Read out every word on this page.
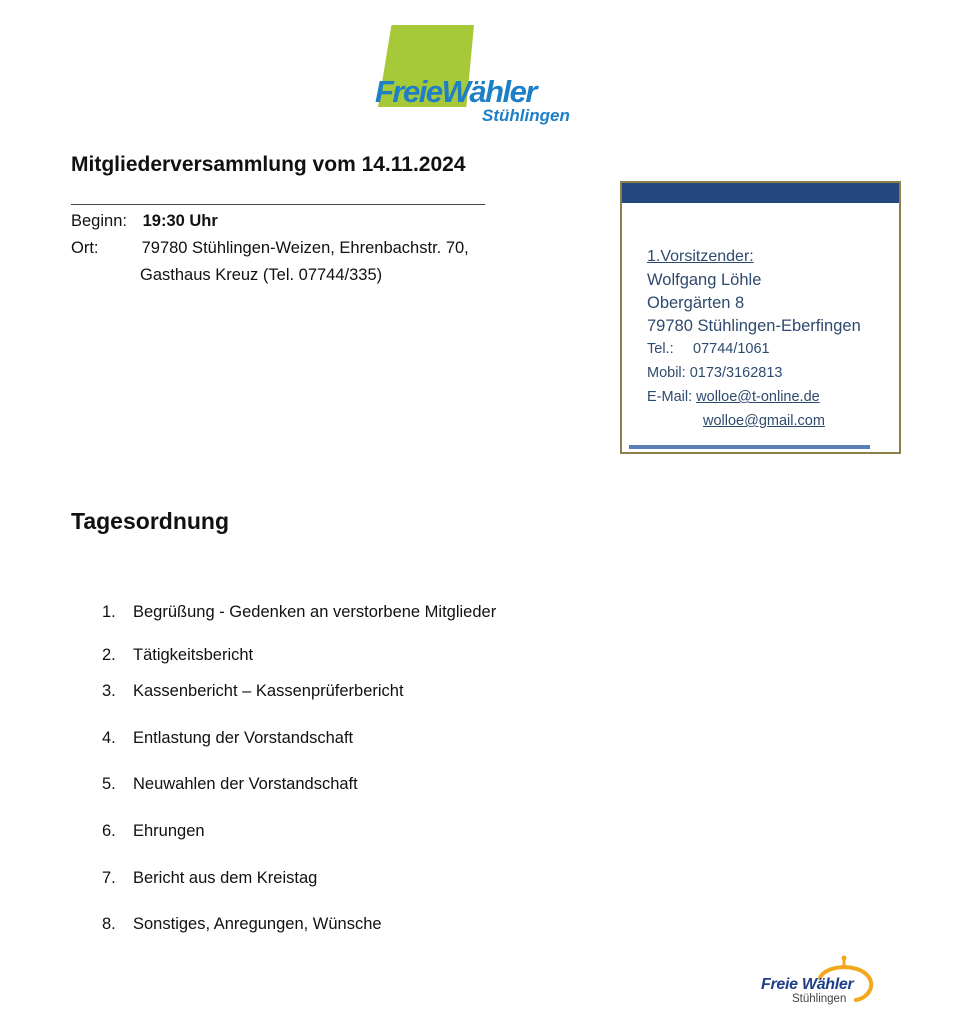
FreieWähler
Stühlingen
Mitgliederversammlung vom 14.11.2024
Beginn: 19:30 Uhr
Ort:	79780 Stühlingen-Weizen, Ehrenbachstr. 70,
Gasthaus Kreuz (Tel. 07744/335)
1.Vorsitzender:
Wolfgang Löhle
Obergärten 8
79780 Stühlingen-Eberfingen
Tel.: 07744/1061
Mobil: 0173/3162813
E-Mail: wolloe@t-online.de
wolloe@gmail.com
Tagesordnung
1. Begrüßung - Gedenken an verstorbene Mitglieder
2. Tätigkeitsbericht
3. Kassenbericht – Kassenprüferbericht
4. Entlastung der Vorstandschaft
5. Neuwahlen der Vorstandschaft
6. Ehrungen
7. Bericht aus dem Kreistag
8. Sonstiges, Anregungen, Wünsche
Freie Wähler
Stühlingen
